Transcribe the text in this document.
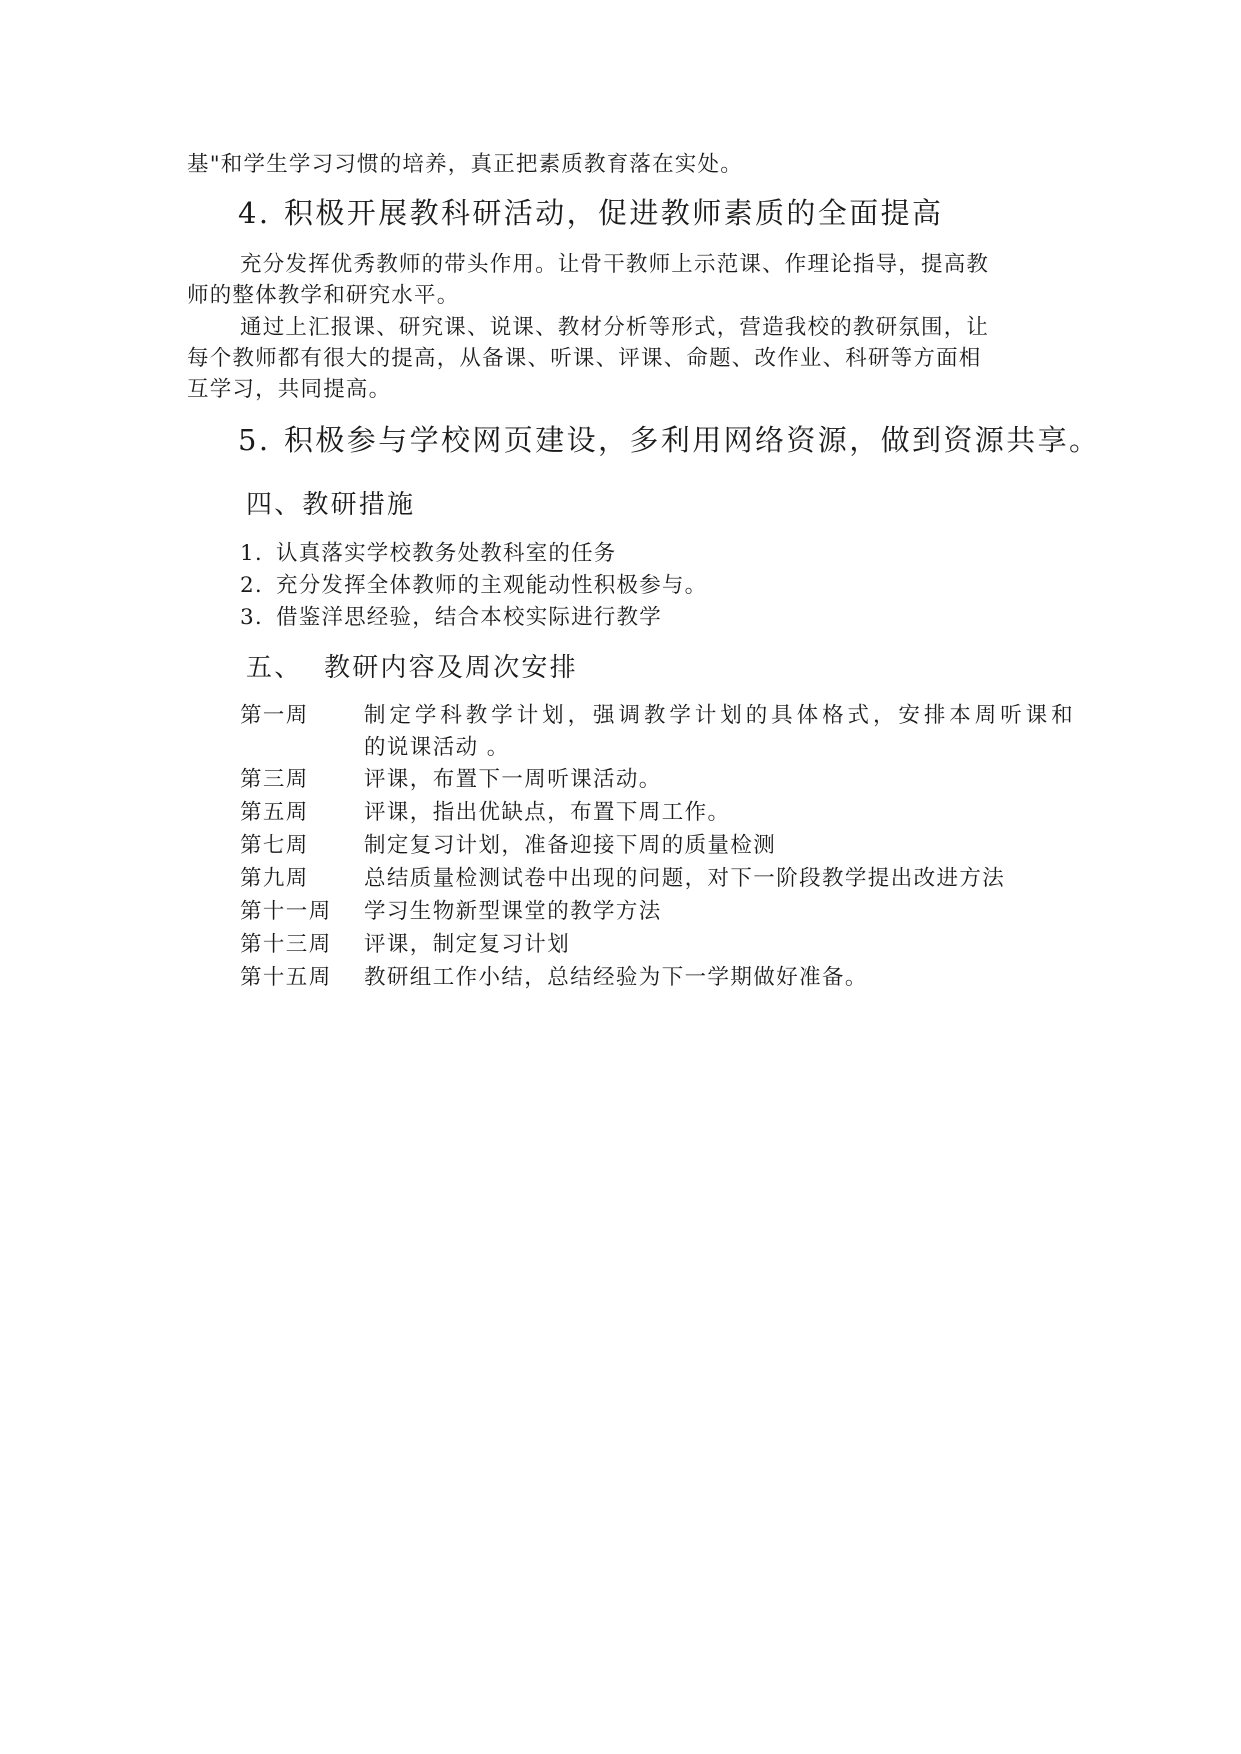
基"和学生学习习惯的培养，真正把素质教育落在实处。
4. 积极开展教科研活动，促进教师素质的全面提高
充分发挥优秀教师的带头作用。让骨干教师上示范课、作理论指导，提高教
师的整体教学和研究水平。
通过上汇报课、研究课、说课、教材分析等形式，营造我校的教研氛围，让
每个教师都有很大的提高，从备课、听课、评课、命题、改作业、科研等方面相
互学习，共同提高。
5. 积极参与学校网页建设，多利用网络资源，做到资源共享。
四、教研措施
1. 认真落实学校教务处教科室的任务
2. 充分发挥全体教师的主观能动性积极参与。
3. 借鉴洋思经验，结合本校实际进行教学
五、 教研内容及周次安排
第一周	制定学科教学计划，强调教学计划的具体格式，安排本周听课和
的说课活动 。
第三周	评课，布置下一周听课活动。
第五周	评课，指出优缺点，布置下周工作。
第七周	制定复习计划，准备迎接下周的质量检测
第九周	总结质量检测试卷中出现的问题，对下一阶段教学提出改进方法
第十一周 学习生物新型课堂的教学方法
第十三周 评课，制定复习计划
第十五周 教研组工作小结，总结经验为下一学期做好准备。
